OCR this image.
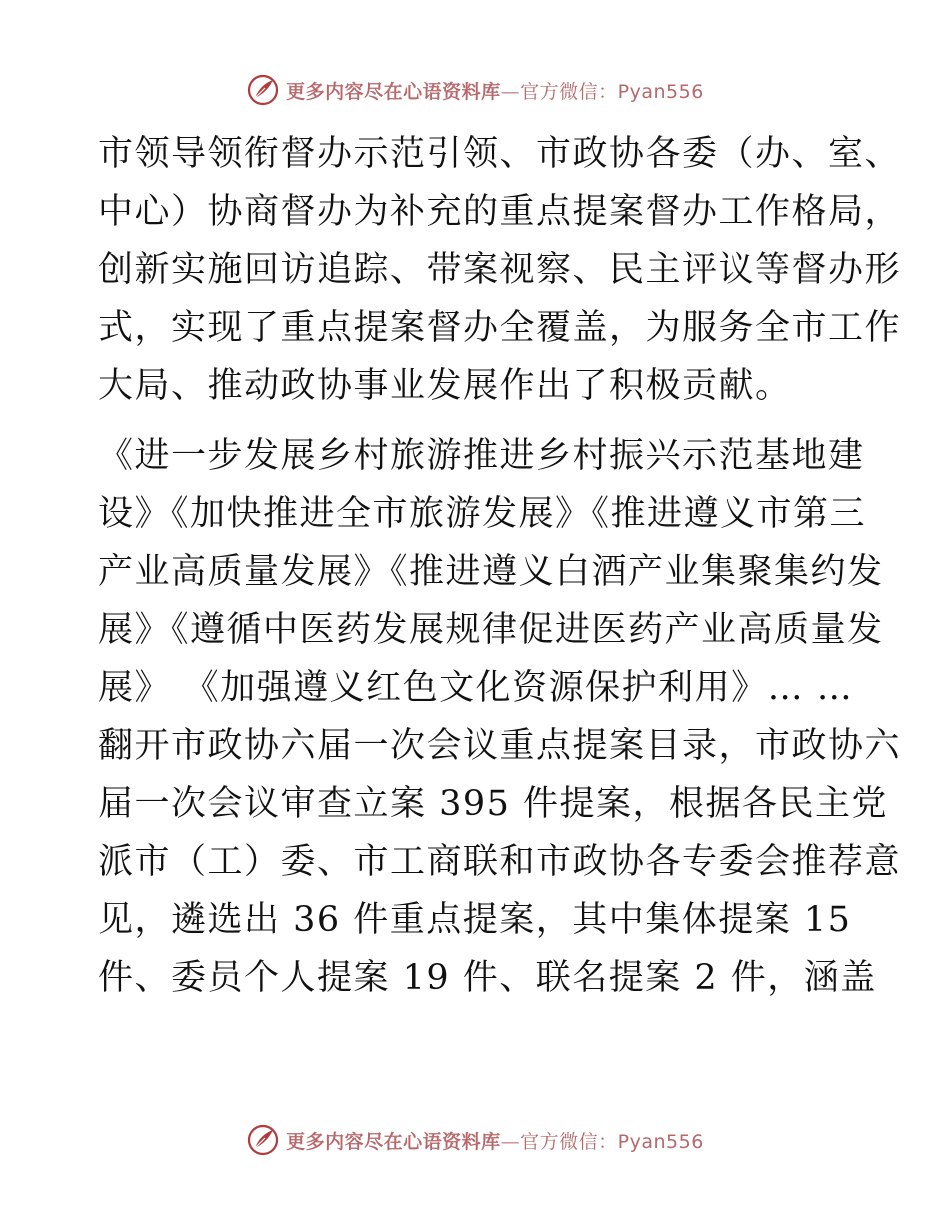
更多内容尽在心语资料库—官方微信：Pyan556
市领导领衔督办示范引领、市政协各委（办、室、
中心）协商督办为补充的重点提案督办工作格局，
创新实施回访追踪、带案视察、民主评议等督办形
式，实现了重点提案督办全覆盖，为服务全市工作
大局、推动政协事业发展作出了积极贡献。
《进一步发展乡村旅游推进乡村振兴示范基地建
设》《加快推进全市旅游发展》《推进遵义市第三
产业高质量发展》《推进遵义白酒产业集聚集约发
展》《遵循中医药发展规律促进医药产业高质量发
展》 《加强遵义红色文化资源保护利用》… …
翻开市政协六届一次会议重点提案目录，市政协六
届一次会议审查立案 395 件提案，根据各民主党
派市（工）委、市工商联和市政协各专委会推荐意
见，遴选出 36 件重点提案，其中集体提案 15
件、委员个人提案 19 件、联名提案 2 件，涵盖
更多内容尽在心语资料库—官方微信：Pyan556
